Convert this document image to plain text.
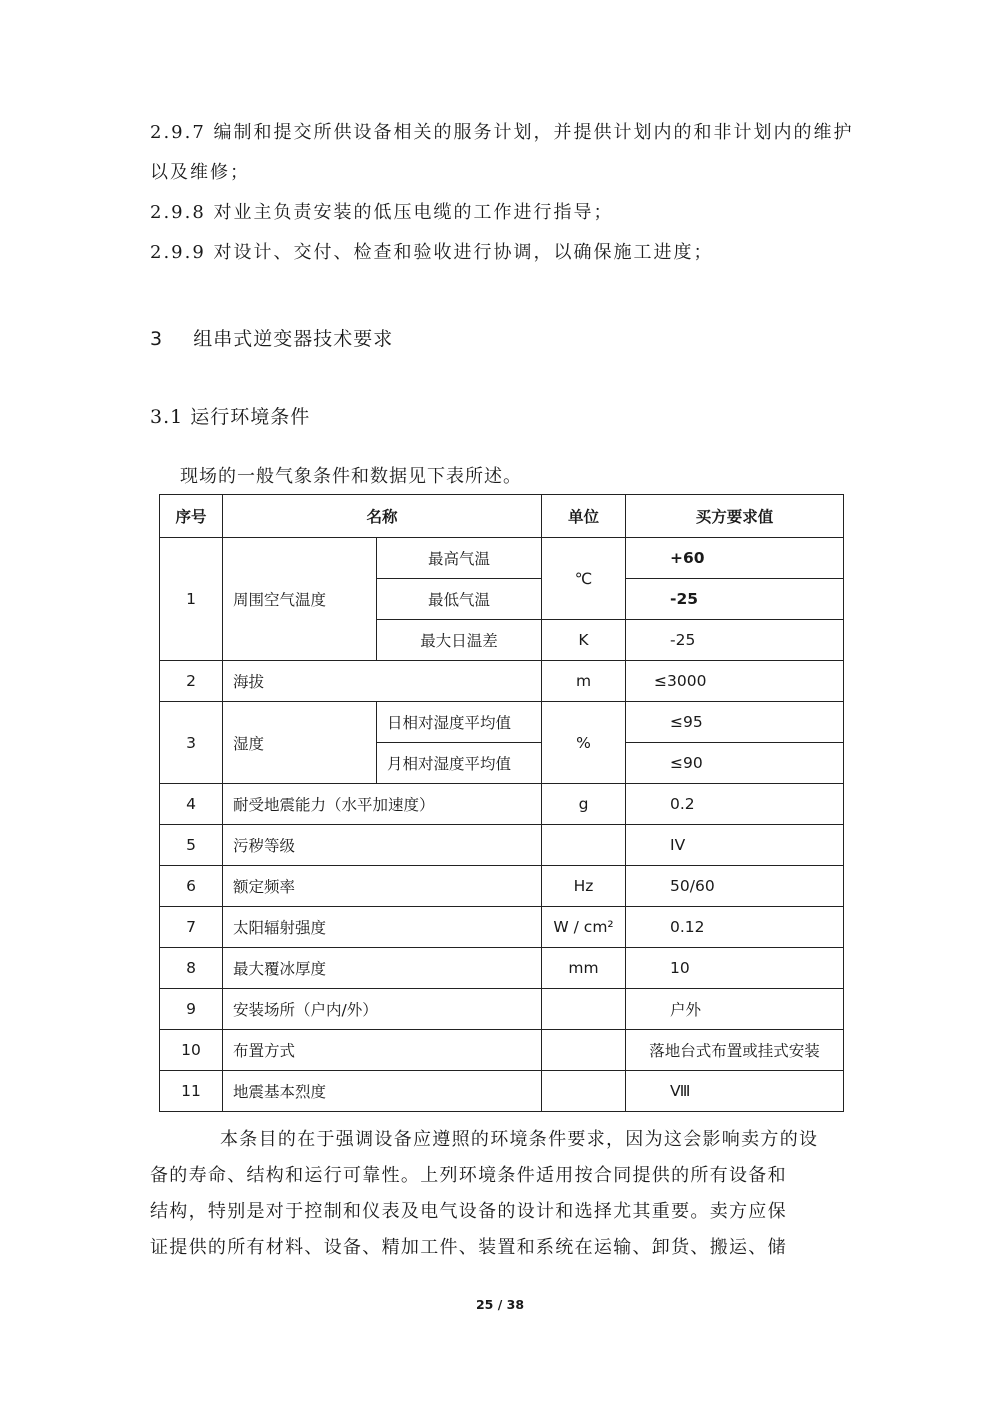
2.9.7 编制和提交所供设备相关的服务计划，并提供计划内的和非计划内的维护
以及维修；
2.9.8 对业主负责安装的低压电缆的工作进行指导；
2.9.9 对设计、交付、检查和验收进行协调，以确保施工进度；
3 组串式逆变器技术要求
3.1 运行环境条件
现场的一般气象条件和数据见下表所述。
序号	名称		单位	买方要求值
1	周围空气温度	最高气温	℃	+60
		最低气温		-25
		最大日温差	K	-25
2	海拔		m	≤3000
3	湿度	日相对湿度平均值	%	≤95
		月相对湿度平均值		≤90
4	耐受地震能力（水平加速度）		g	0.2
5	污秽等级			IV
6	额定频率		Hz	50/60
7	太阳辐射强度		W / cm²	0.12
8	最大覆冰厚度		mm	10
9	安装场所（户内/外）			户外
10	布置方式			落地台式布置或挂式安装
11	地震基本烈度			Ⅷ
本条目的在于强调设备应遵照的环境条件要求，因为这会影响卖方的设
备的寿命、结构和运行可靠性。上列环境条件适用按合同提供的所有设备和
结构，特别是对于控制和仪表及电气设备的设计和选择尤其重要。卖方应保
证提供的所有材料、设备、精加工件、装置和系统在运输、卸货、搬运、储
25 / 38
